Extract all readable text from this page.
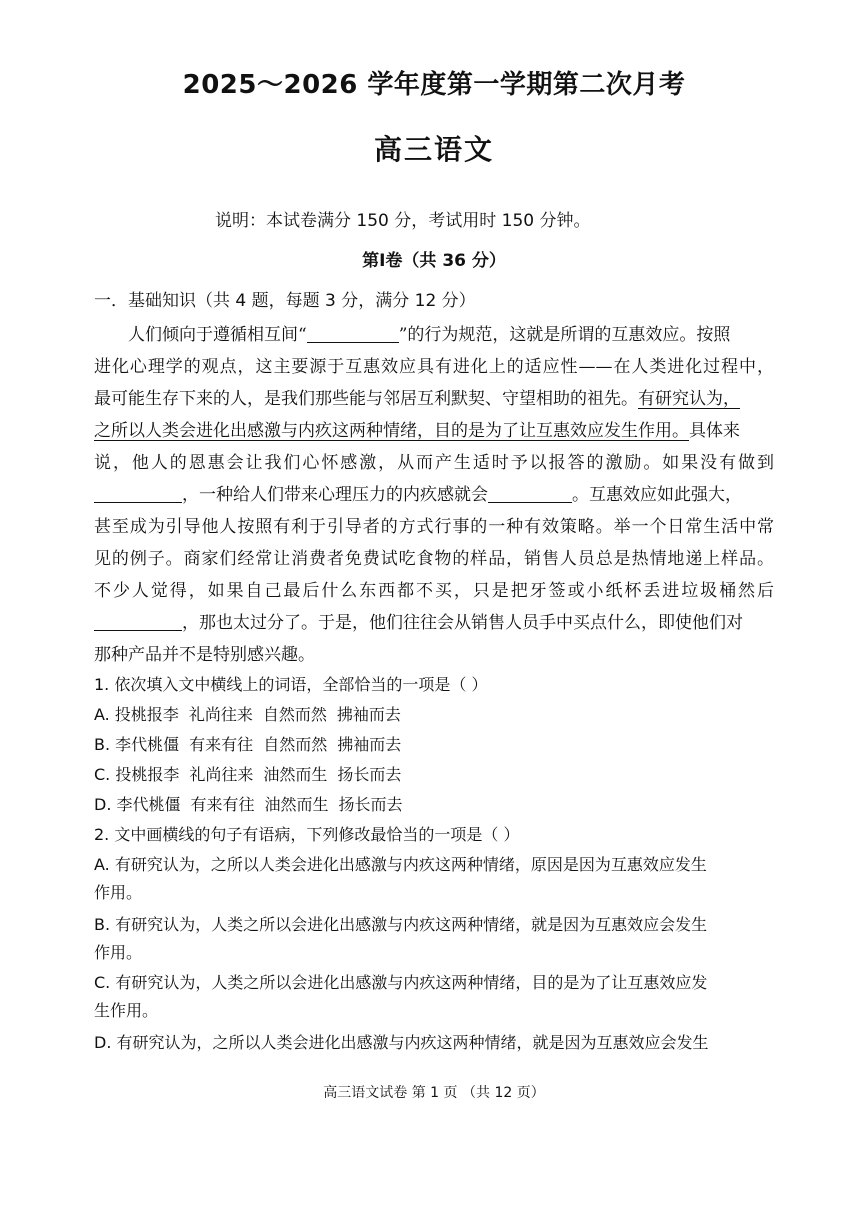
2025～2026 学年度第一学期第二次月考
高三语文
说明：本试卷满分 150 分，考试用时 150 分钟。
第Ⅰ卷（共 36 分）
一．基础知识（共 4 题，每题 3 分，满分 12 分）
人们倾向于遵循相互间“	”的行为规范，这就是所谓的互惠效应。按照
进化心理学的观点，这主要源于互惠效应具有进化上的适应性——在人类进化过程中，
最可能生存下来的人，是我们那些能与邻居互利默契、守望相助的祖先。有研究认为，
之所以人类会进化出感激与内疚这两种情绪，目的是为了让互惠效应发生作用。具体来
说，他人的恩惠会让我们心怀感激，从而产生适时予以报答的激励。如果没有做到
，一种给人们带来心理压力的内疚感就会	。互惠效应如此强大，
甚至成为引导他人按照有利于引导者的方式行事的一种有效策略。举一个日常生活中常
见的例子。商家们经常让消费者免费试吃食物的样品，销售人员总是热情地递上样品。
不少人觉得，如果自己最后什么东西都不买，只是把牙签或小纸杯丢进垃圾桶然后
，那也太过分了。于是，他们往往会从销售人员手中买点什么，即使他们对
那种产品并不是特别感兴趣。
1. 依次填入文中横线上的词语，全部恰当的一项是（ ）
A. 投桃报李 礼尚往来 自然而然 拂袖而去
B. 李代桃僵 有来有往 自然而然 拂袖而去
C. 投桃报李 礼尚往来 油然而生 扬长而去
D. 李代桃僵 有来有往 油然而生 扬长而去
2. 文中画横线的句子有语病，下列修改最恰当的一项是（ ）
A. 有研究认为，之所以人类会进化出感激与内疚这两种情绪，原因是因为互惠效应发生
作用。
B. 有研究认为，人类之所以会进化出感激与内疚这两种情绪，就是因为互惠效应会发生
作用。
C. 有研究认为，人类之所以会进化出感激与内疚这两种情绪，目的是为了让互惠效应发
生作用。
D. 有研究认为，之所以人类会进化出感激与内疚这两种情绪，就是因为互惠效应会发生
高三语文试卷 第 1 页 （共 12 页）
